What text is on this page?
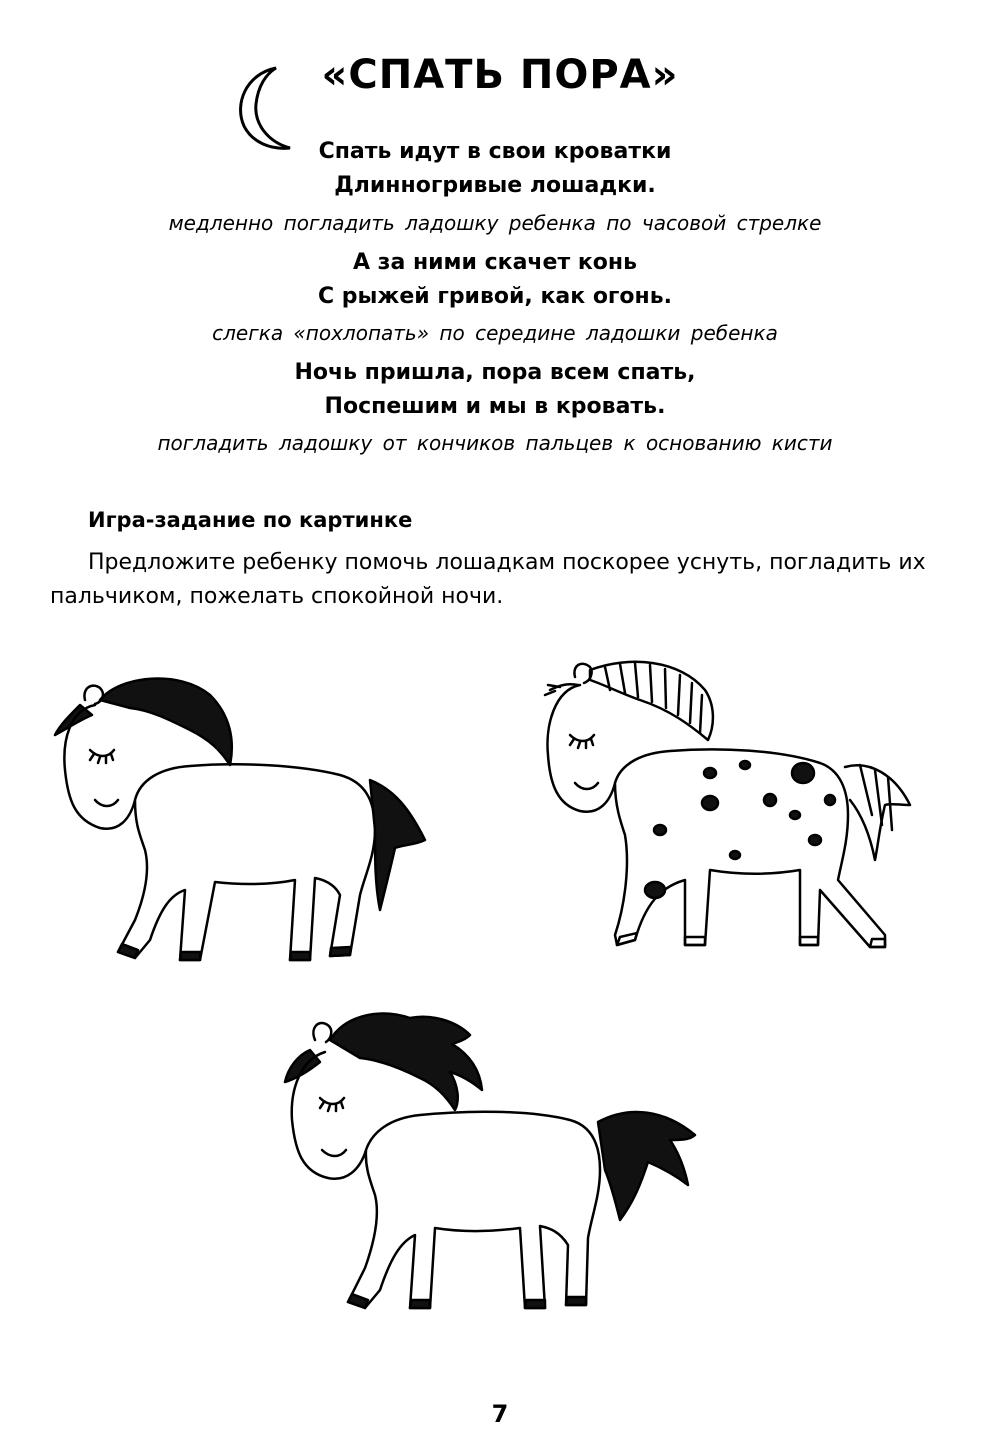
«СПАТЬ ПОРА»
Спать идут в свои кроватки
Длинногривые лошадки.
медленно погладить ладошку ребенка по часовой стрелке
А за ними скачет конь
С рыжей гривой, как огонь.
слегка «похлопать» по середине ладошки ребенка
Ночь пришла, пора всем спать,
Поспешим и мы в кровать.
погладить ладошку от кончиков пальцев к основанию кисти
Игра-задание по картинке
Предложите ребенку помочь лошадкам поскорее уснуть, погладить их пальчиком, пожелать спокойной ночи.
7
